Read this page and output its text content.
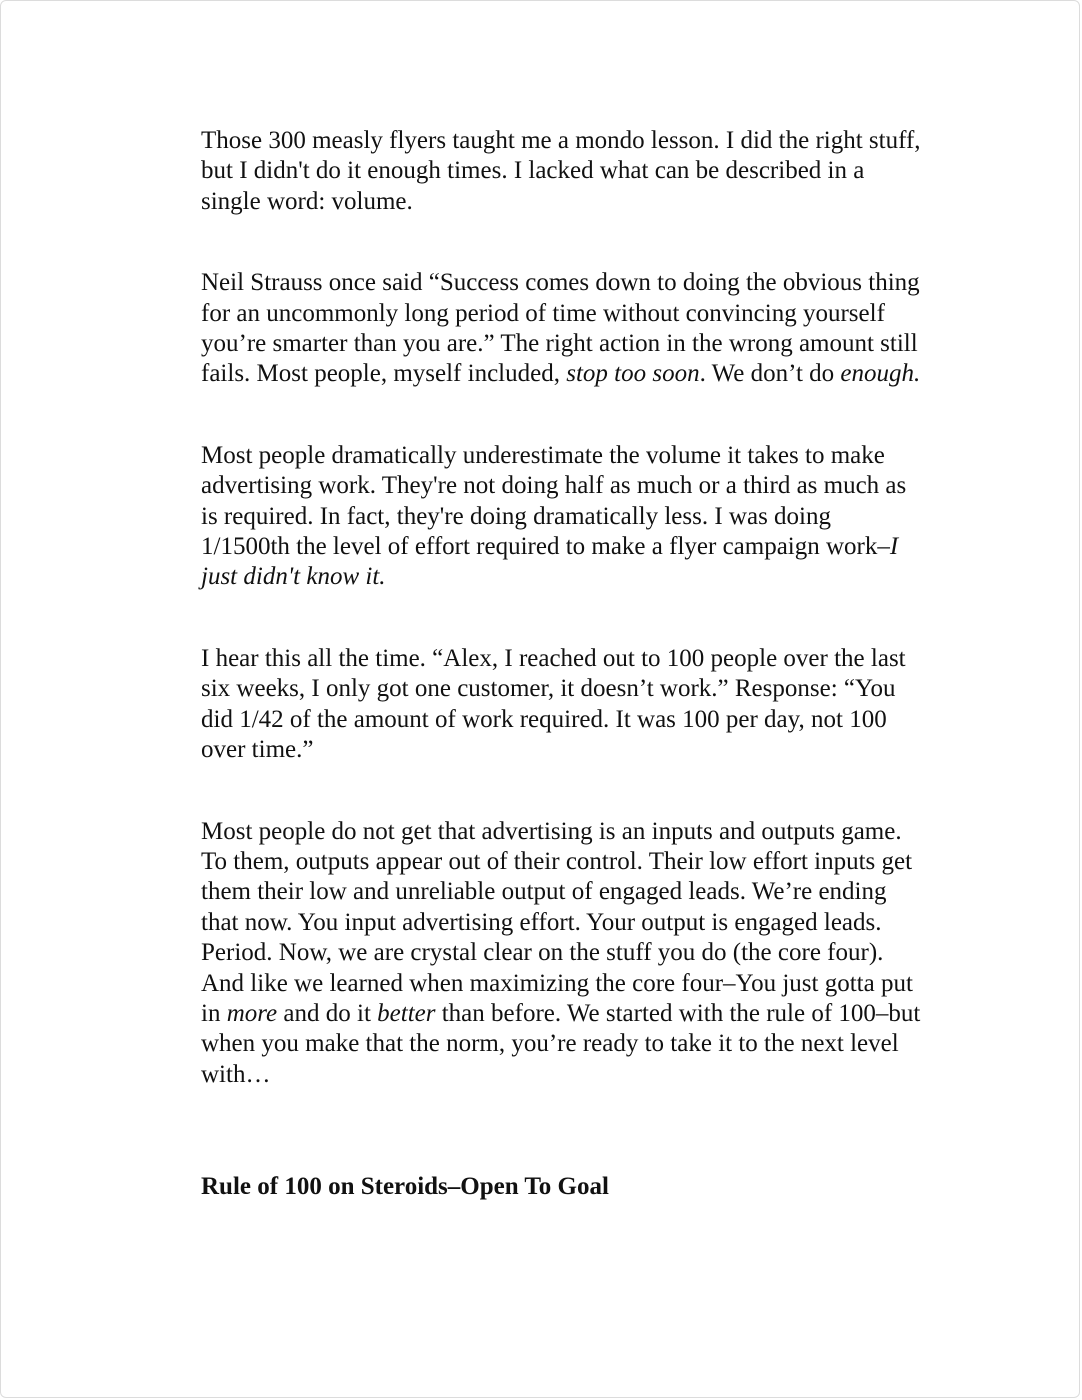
Those 300 measly flyers taught me a mondo lesson. I did the right stuff, but I didn't do it enough times. I lacked what can be described in a single word: volume.

Neil Strauss once said “Success comes down to doing the obvious thing for an uncommonly long period of time without convincing yourself you’re smarter than you are.” The right action in the wrong amount still fails. Most people, myself included, stop too soon. We don’t do enough.

Most people dramatically underestimate the volume it takes to make advertising work. They're not doing half as much or a third as much as is required. In fact, they're doing dramatically less. I was doing 1/1500th the level of effort required to make a flyer campaign work–I just didn't know it.

I hear this all the time. “Alex, I reached out to 100 people over the last six weeks, I only got one customer, it doesn’t work.” Response: “You did 1/42 of the amount of work required. It was 100 per day, not 100 over time.”

Most people do not get that advertising is an inputs and outputs game. To them, outputs appear out of their control. Their low effort inputs get them their low and unreliable output of engaged leads. We’re ending that now. You input advertising effort. Your output is engaged leads. Period. Now, we are crystal clear on the stuff you do (the core four). And like we learned when maximizing the core four–You just gotta put in more and do it better than before. We started with the rule of 100–but when you make that the norm, you’re ready to take it to the next level with…

Rule of 100 on Steroids–Open To Goal
